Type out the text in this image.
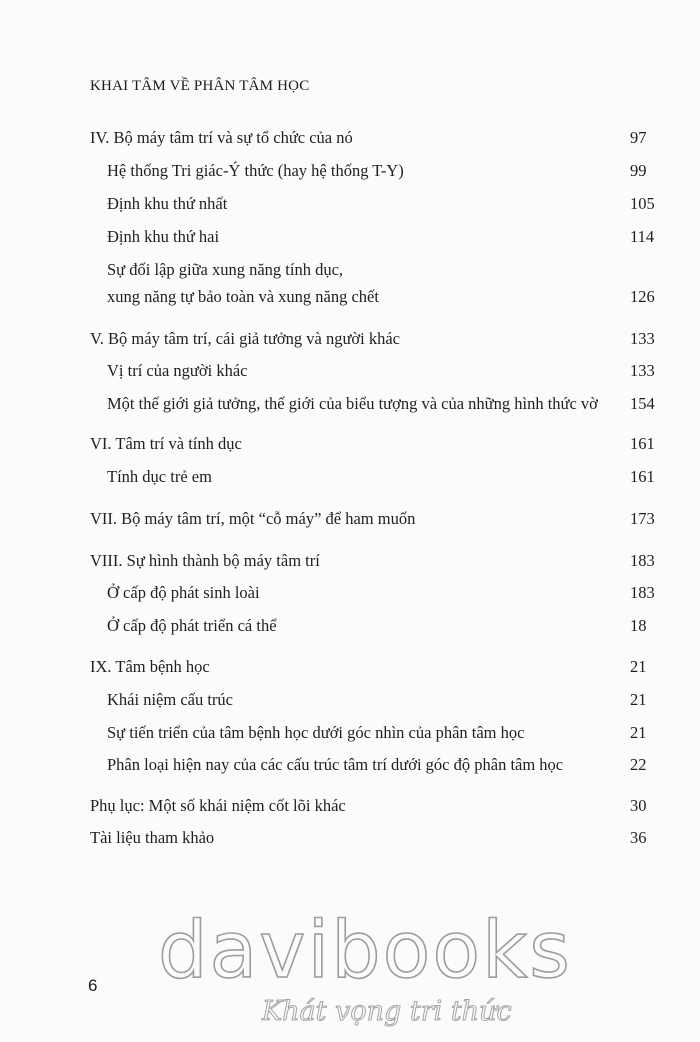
KHAI TÂM VỀ PHÂN TÂM HỌC
IV. Bộ máy tâm trí và sự tổ chức của nó	97
Hệ thống Tri giác-Ý thức (hay hệ thống T-Y)	99
Định khu thứ nhất	105
Định khu thứ hai	114
Sự đối lập giữa xung năng tính dục,
xung năng tự bảo toàn và xung năng chết	126
V. Bộ máy tâm trí, cái giả tưởng và người khác	133
Vị trí của người khác	133
Một thế giới giả tưởng, thế giới của biểu tượng và của những hình thức vờ 154
VI. Tâm trí và tính dục	161
Tính dục trẻ em	161
VII. Bộ máy tâm trí, một “cỗ máy” để ham muốn	173
VIII. Sự hình thành bộ máy tâm trí	183
Ở cấp độ phát sinh loài	183
Ở cấp độ phát triển cá thể	18
IX. Tâm bệnh học	21
Khái niệm cấu trúc	21
Sự tiến triển của tâm bệnh học dưới góc nhìn của phân tâm học	21
Phân loại hiện nay của các cấu trúc tâm trí dưới góc độ phân tâm học	22
Phụ lục: Một số khái niệm cốt lõi khác	30
Tài liệu tham khảo	36
davibooks
Khát vọng tri thức
6
